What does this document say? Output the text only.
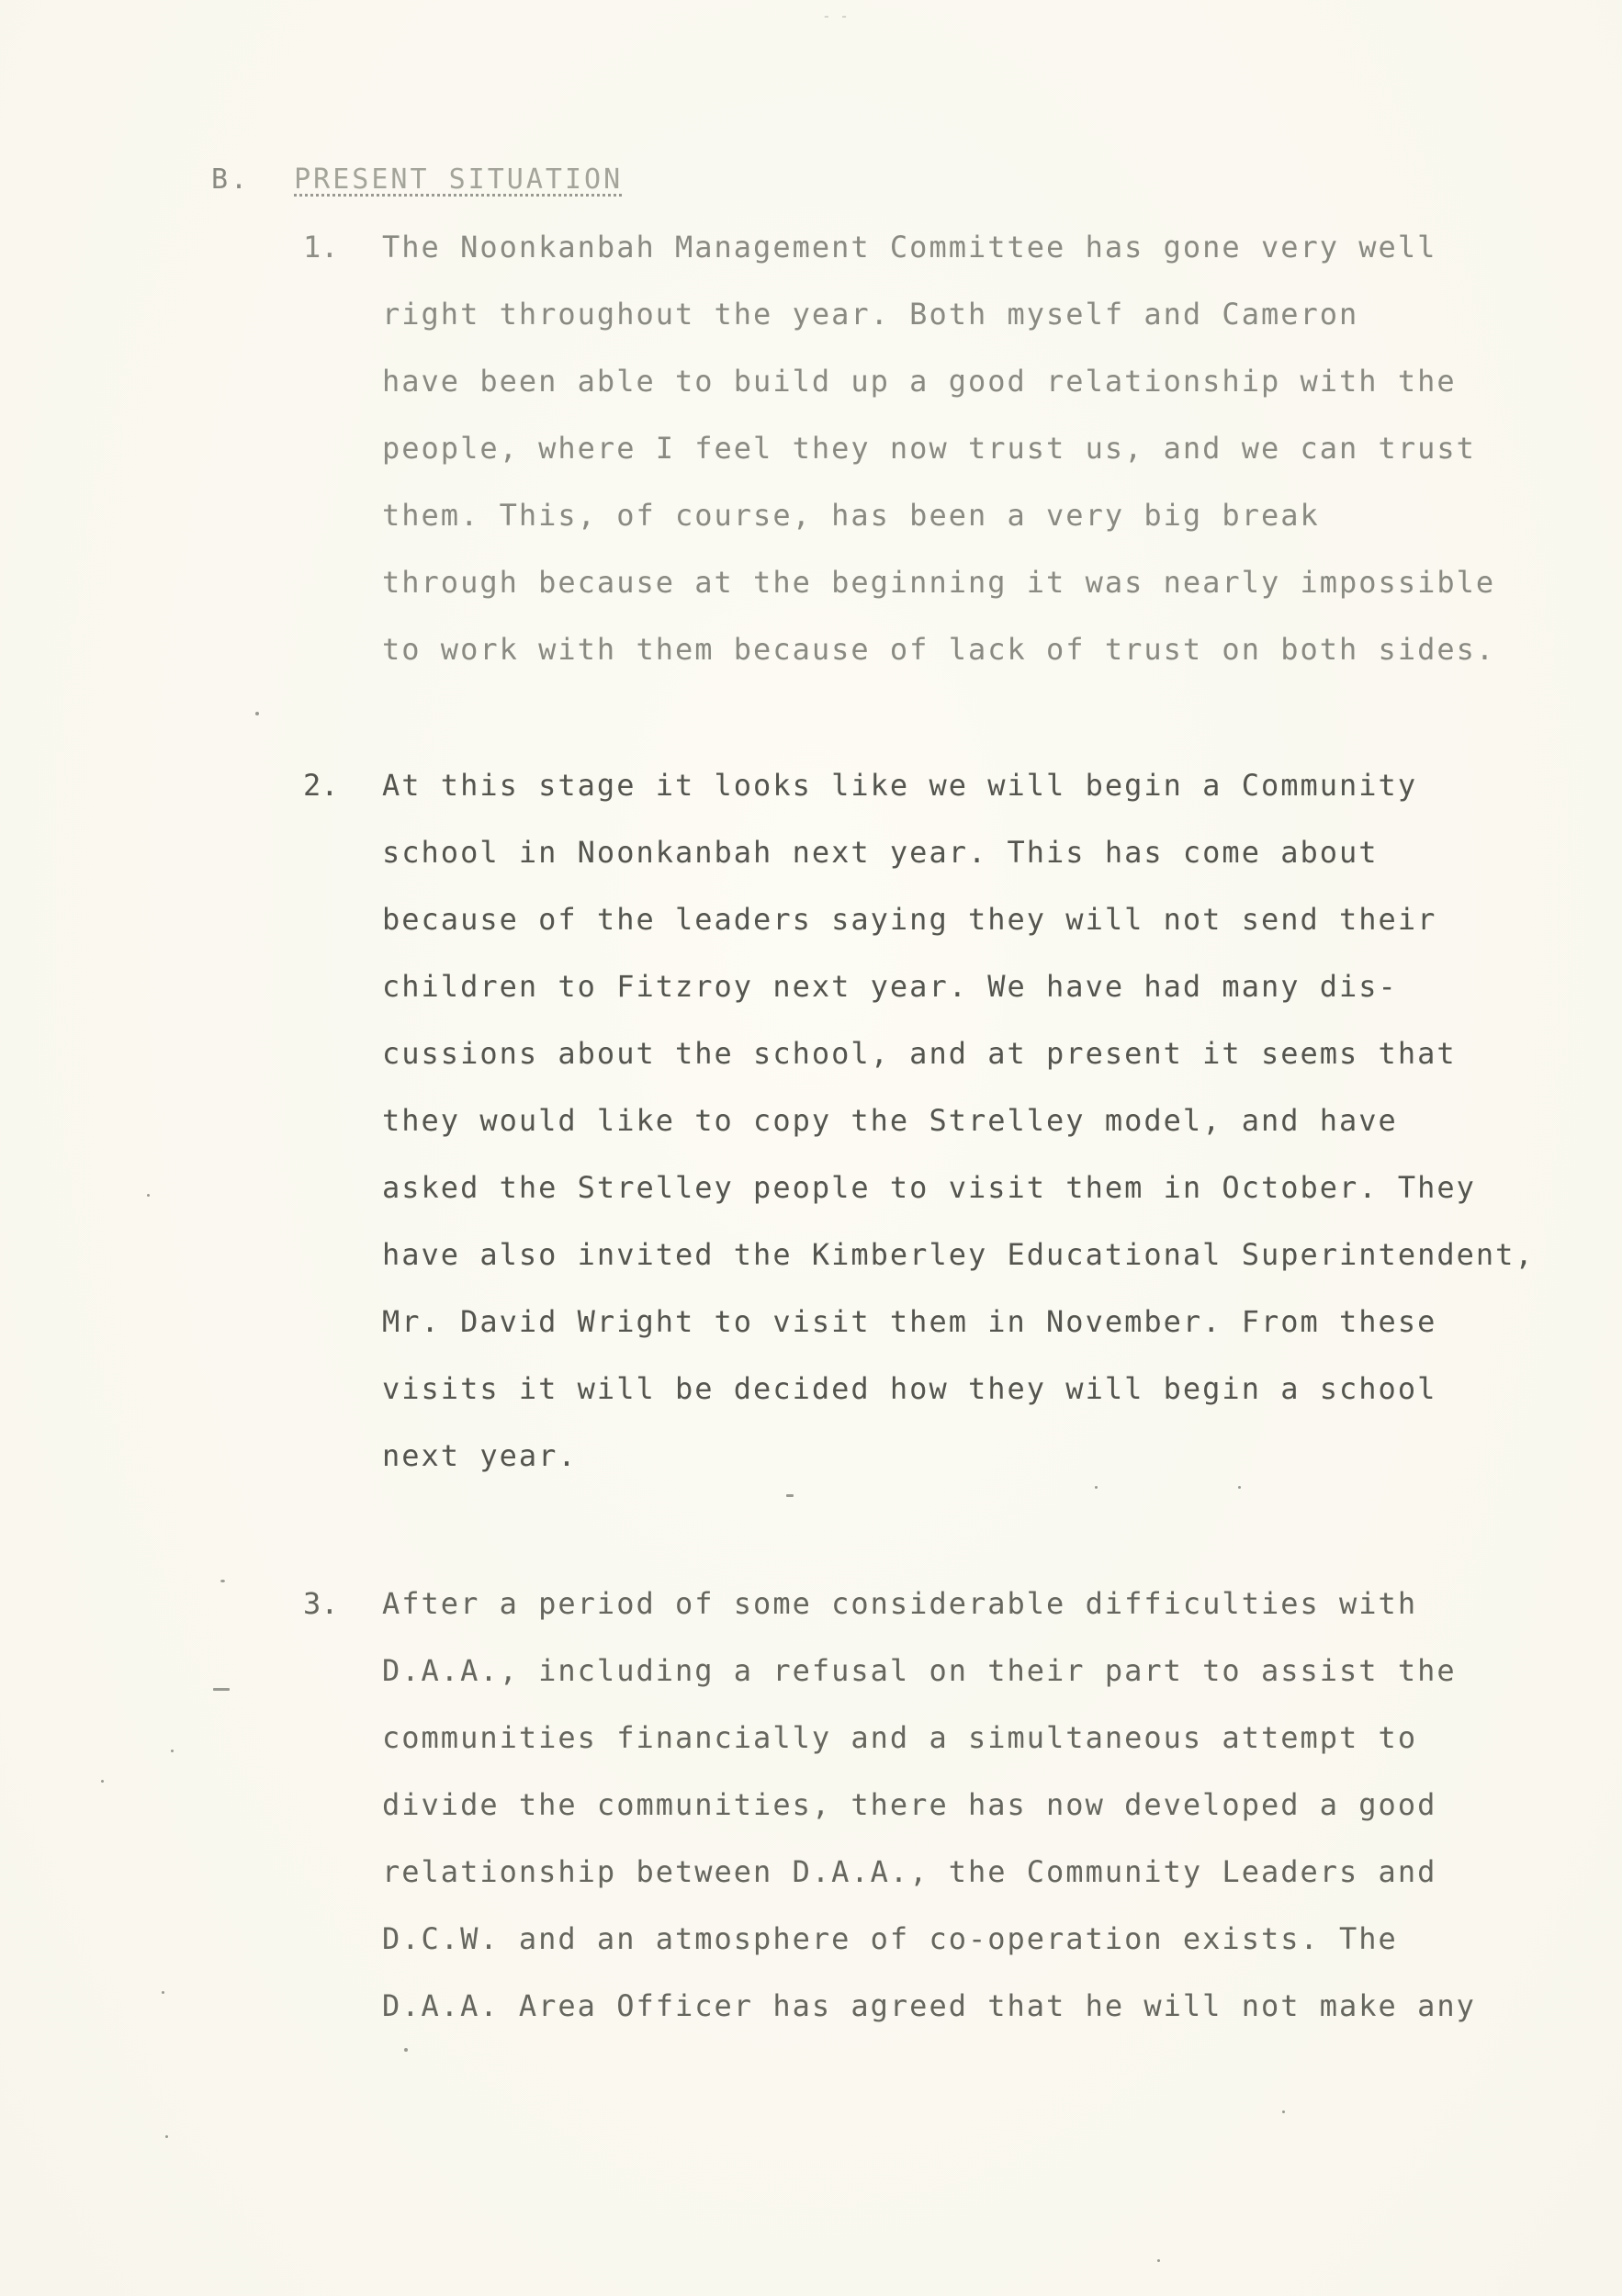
- -
B. PRESENT SITUATION
1. The Noonkanbah Management Committee has gone very well
right throughout the year. Both myself and Cameron
have been able to build up a good relationship with the
people, where I feel they now trust us, and we can trust
them. This, of course, has been a very big break
through because at the beginning it was nearly impossible
to work with them because of lack of trust on both sides.
2. At this stage it looks like we will begin a Community
school in Noonkanbah next year. This has come about
because of the leaders saying they will not send their
children to Fitzroy next year. We have had many dis-
cussions about the school, and at present it seems that
they would like to copy the Strelley model, and have
asked the Strelley people to visit them in October. They
have also invited the Kimberley Educational Superintendent,
Mr. David Wright to visit them in November. From these
visits it will be decided how they will begin a school
next year.
3. After a period of some considerable difficulties with
D.A.A., including a refusal on their part to assist the
communities financially and a simultaneous attempt to
divide the communities, there has now developed a good
relationship between D.A.A., the Community Leaders and
D.C.W. and an atmosphere of co-operation exists. The
D.A.A. Area Officer has agreed that he will not make any
